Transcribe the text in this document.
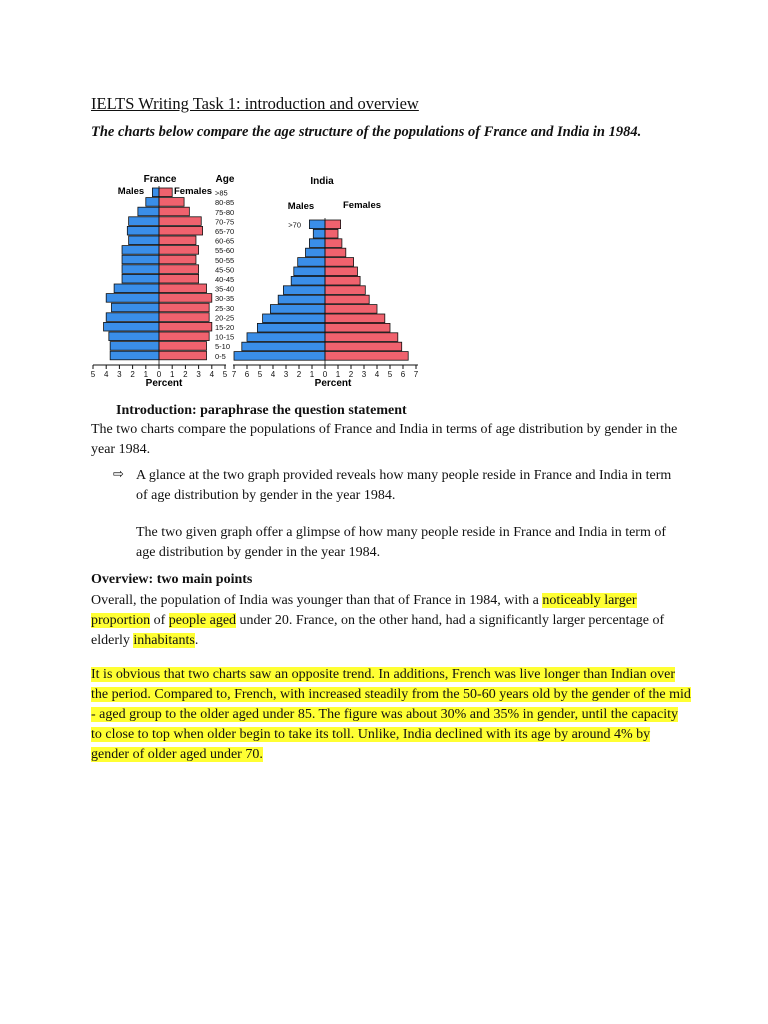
IELTS Writing Task 1: introduction and overview

The charts below compare the age structure of the populations of France and India in 1984.

>85
80-85
75-80
70-75
65-70
60-65
55-60
50-55
45-50
40-45
35-40
30-35
25-30
20-25
15-20
10-15
5-10
0-5
5 4 3 2 1 0 1 2 3 4 5
>70
7 6 5 4 3 2 1 0 1 2 3 4 5 6 7
France	Age
Males	Females
India
Males	Females
Percent	Percent
Introduction: paraphrase the question statement

The two charts compare the populations of France and India in terms of age distribution by gender in the year 1984.

⇨ A glance at the two graph provided reveals how many people reside in France and India in term of age distribution by gender in the year 1984.

The two given graph offer a glimpse of how many people reside in France and India in term of age distribution by gender in the year 1984.

Overview: two main points

Overall, the population of India was younger than that of France in 1984, with a noticeably larger proportion of people aged under 20. France, on the other hand, had a significantly larger percentage of elderly inhabitants.

It is obvious that two charts saw an opposite trend. In additions, French was live longer than Indian over the period. Compared to, French, with increased steadily from the 50-60 years old by the gender of the mid - aged group to the older aged under 85. The figure was about 30% and 35% in gender, until the capacity to close to top when older begin to take its toll. Unlike, India declined with its age by around 4% by gender of older aged under 70.
